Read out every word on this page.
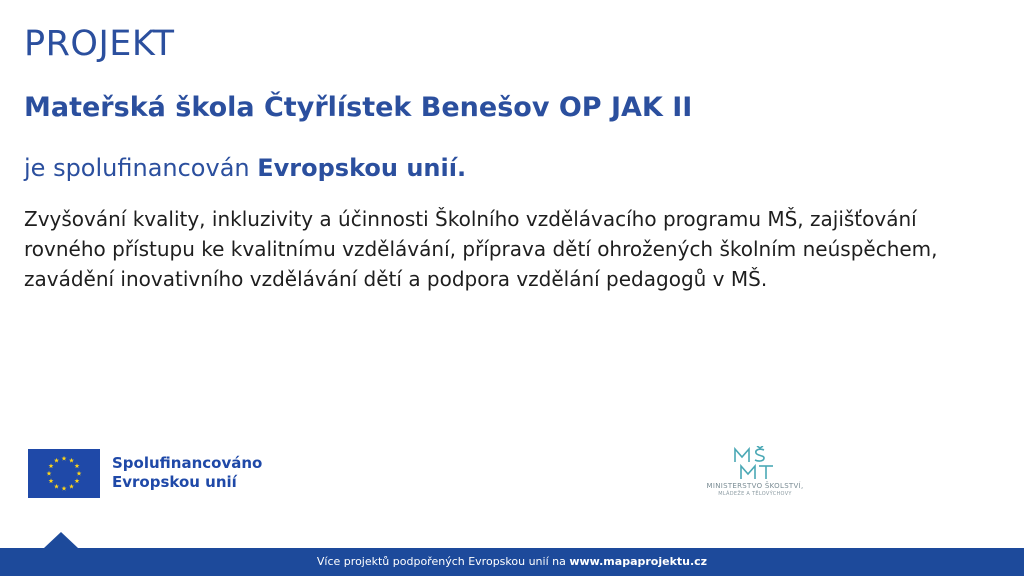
PROJEKT
Mateřská škola Čtyřlístek Benešov OP JAK II
je spolufinancován Evropskou unií.
Zvyšování kvality, inkluzivity a účinnosti Školního vzdělávacího programu MŠ, zajišťování rovného přístupu ke kvalitnímu vzdělávání, příprava dětí ohrožených školním neúspěchem, zavádění inovativního vzdělávání dětí a podpora vzdělání pedagogů v MŠ.
Spolufinancováno
Evropskou unií	MINISTERSTVO ŠKOLSTVÍ,
MLÁDEŽE A TĚLOVÝCHOVY
Více projektů podpořených Evropskou unií na www.mapaprojektu.cz
